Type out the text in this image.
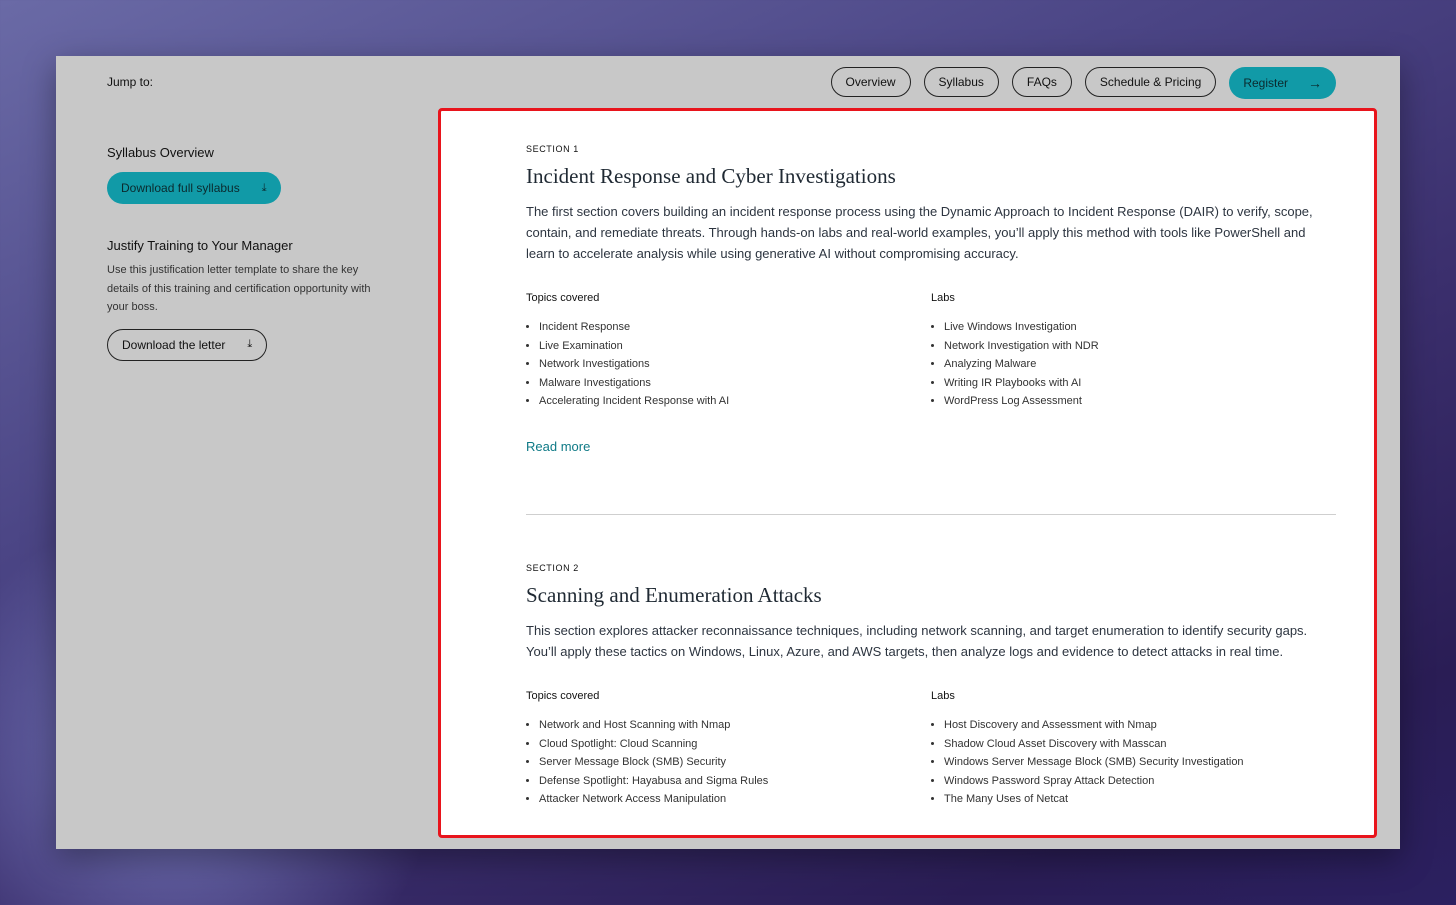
Jump to:	Overview	Syllabus	FAQs	Schedule & Pricing	Register →
Syllabus Overview
Download full syllabus ⤓
Justify Training to Your Manager

Use this justification letter template to share the key details of this training and certification opportunity with your boss.

Download the letter ⤓

SECTION 1

Incident Response and Cyber Investigations

The first section covers building an incident response process using the Dynamic Approach to Incident Response (DAIR) to verify, scope, contain, and remediate threats. Through hands-on labs and real-world examples, you’ll apply this method with tools like PowerShell and learn to accelerate analysis while using generative AI without compromising accuracy.

Topics covered

• Incident Response
• Live Examination
• Network Investigations
• Malware Investigations
• Accelerating Incident Response with AI

Labs

• Live Windows Investigation
• Network Investigation with NDR
• Analyzing Malware
• Writing IR Playbooks with AI
• WordPress Log Assessment
Read more

SECTION 2

Scanning and Enumeration Attacks

This section explores attacker reconnaissance techniques, including network scanning, and target enumeration to identify security gaps. You’ll apply these tactics on Windows, Linux, Azure, and AWS targets, then analyze logs and evidence to detect attacks in real time.

Topics covered

• Network and Host Scanning with Nmap
• Cloud Spotlight: Cloud Scanning
• Server Message Block (SMB) Security
• Defense Spotlight: Hayabusa and Sigma Rules
• Attacker Network Access Manipulation

Labs

• Host Discovery and Assessment with Nmap
• Shadow Cloud Asset Discovery with Masscan
• Windows Server Message Block (SMB) Security Investigation
• Windows Password Spray Attack Detection
• The Many Uses of Netcat
